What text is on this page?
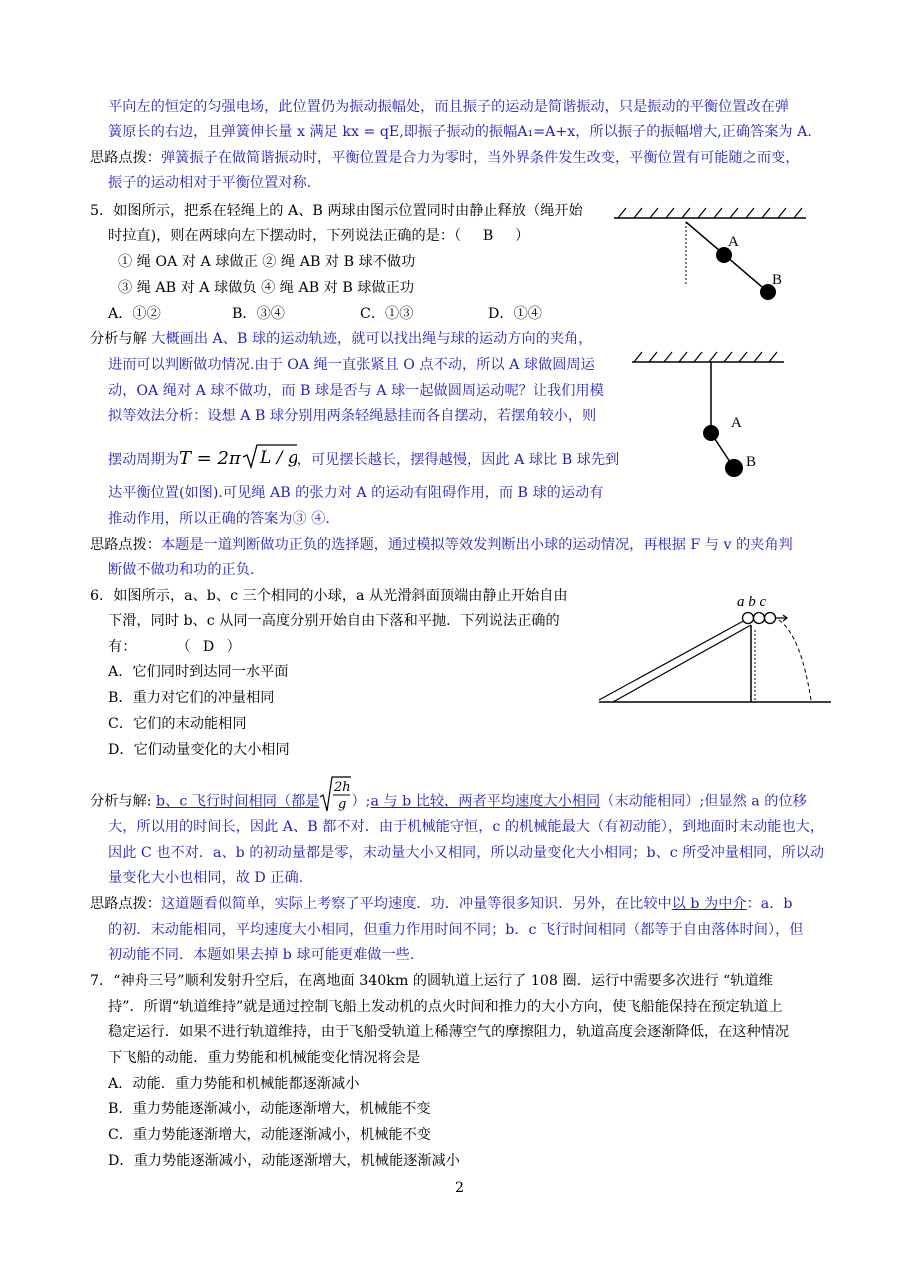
平向左的恒定的匀强电场，此位置仍为振动振幅处，而且振子的运动是简谐振动，只是振动的平衡位置改在弹
簧原长的右边，且弹簧伸长量 x 满足 kx = qE,即振子振动的振幅A₁=A+x，所以振子的振幅增大,正确答案为 A.
思路点拨：弹簧振子在做简谐振动时，平衡位置是合力为零时，当外界条件发生改变，平衡位置有可能随之而变，
振子的运动相对于平衡位置对称.
5．如图所示，把系在轻绳上的 A、B 两球由图示位置同时由静止释放（绳开始
时拉直)，则在两球向左下摆动时，下列说法正确的是：（ B ）
① 绳 OA 对 A 球做正 ② 绳 AB 对 B 球不做功
③ 绳 AB 对 A 球做负 ④ 绳 AB 对 B 球做正功
A．①②	B．③④	C．①③	D．①④
分析与解 大概画出 A、B 球的运动轨迹，就可以找出绳与球的运动方向的夹角，
进而可以判断做功情况.由于 OA 绳一直张紧且 O 点不动，所以 A 球做圆周运
动，OA 绳对 A 球不做功，而 B 球是否与 A 球一起做圆周运动呢？让我们用模
拟等效法分析：设想 A B 球分别用两条轻绳悬挂而各自摆动，若摆角较小，则
摆动周期为T = 2π L / g
，可见摆长越长，摆得越慢，因此 A 球比 B 球先到
达平衡位置(如图).可见绳 AB 的张力对 A 的运动有阻碍作用，而 B 球的运动有
推动作用，所以正确的答案为③ ④.
思路点拨：本题是一道判断做功正负的选择题，通过模拟等效发判断出小球的运动情况，再根据 F 与 v 的夹角判
断做不做功和功的正负.
A
B
A
B
6．如图所示，a、b、c 三个相同的小球，a 从光滑斜面顶端由静止开始自由
下滑，同时 b、c 从同一高度分别开始自由下落和平抛．下列说法正确的
有：	（ D ）
A．它们同时到达同一水平面
B．重力对它们的冲量相同
C．它们的末动能相同
D．它们动量变化的大小相同
a b c
分析与解: b、c 飞行时间相同（都是
2h
g ）;a 与 b 比较，两者平均速度大小相同（末动能相同）;但显然 a 的位移
大，所以用的时间长，因此 A、B 都不对．由于机械能守恒，c 的机械能最大（有初动能），到地面时末动能也大，
因此 C 也不对．a、b 的初动量都是零，末动量大小又相同，所以动量变化大小相同；b、c 所受冲量相同，所以动
量变化大小也相同，故 D 正确.
思路点拨：这道题看似简单，实际上考察了平均速度．功．冲量等很多知识．另外，在比较中以 b 为中介：a．b
的初．末动能相同，平均速度大小相同，但重力作用时间不同；b．c 飞行时间相同（都等于自由落体时间），但
初动能不同．本题如果去掉 b 球可能更难做一些.
7．“神舟三号”顺利发射升空后，在离地面 340km 的圆轨道上运行了 108 圈．运行中需要多次进行 “轨道维
持”．所谓“轨道维持”就是通过控制飞船上发动机的点火时间和推力的大小方向，使飞船能保持在预定轨道上
稳定运行．如果不进行轨道维持，由于飞船受轨道上稀薄空气的摩擦阻力，轨道高度会逐渐降低，在这种情况
下飞船的动能．重力势能和机械能变化情况将会是
A．动能．重力势能和机械能都逐渐减小
B．重力势能逐渐减小，动能逐渐增大，机械能不变
C．重力势能逐渐增大，动能逐渐减小，机械能不变
D．重力势能逐渐减小，动能逐渐增大，机械能逐渐减小
2
